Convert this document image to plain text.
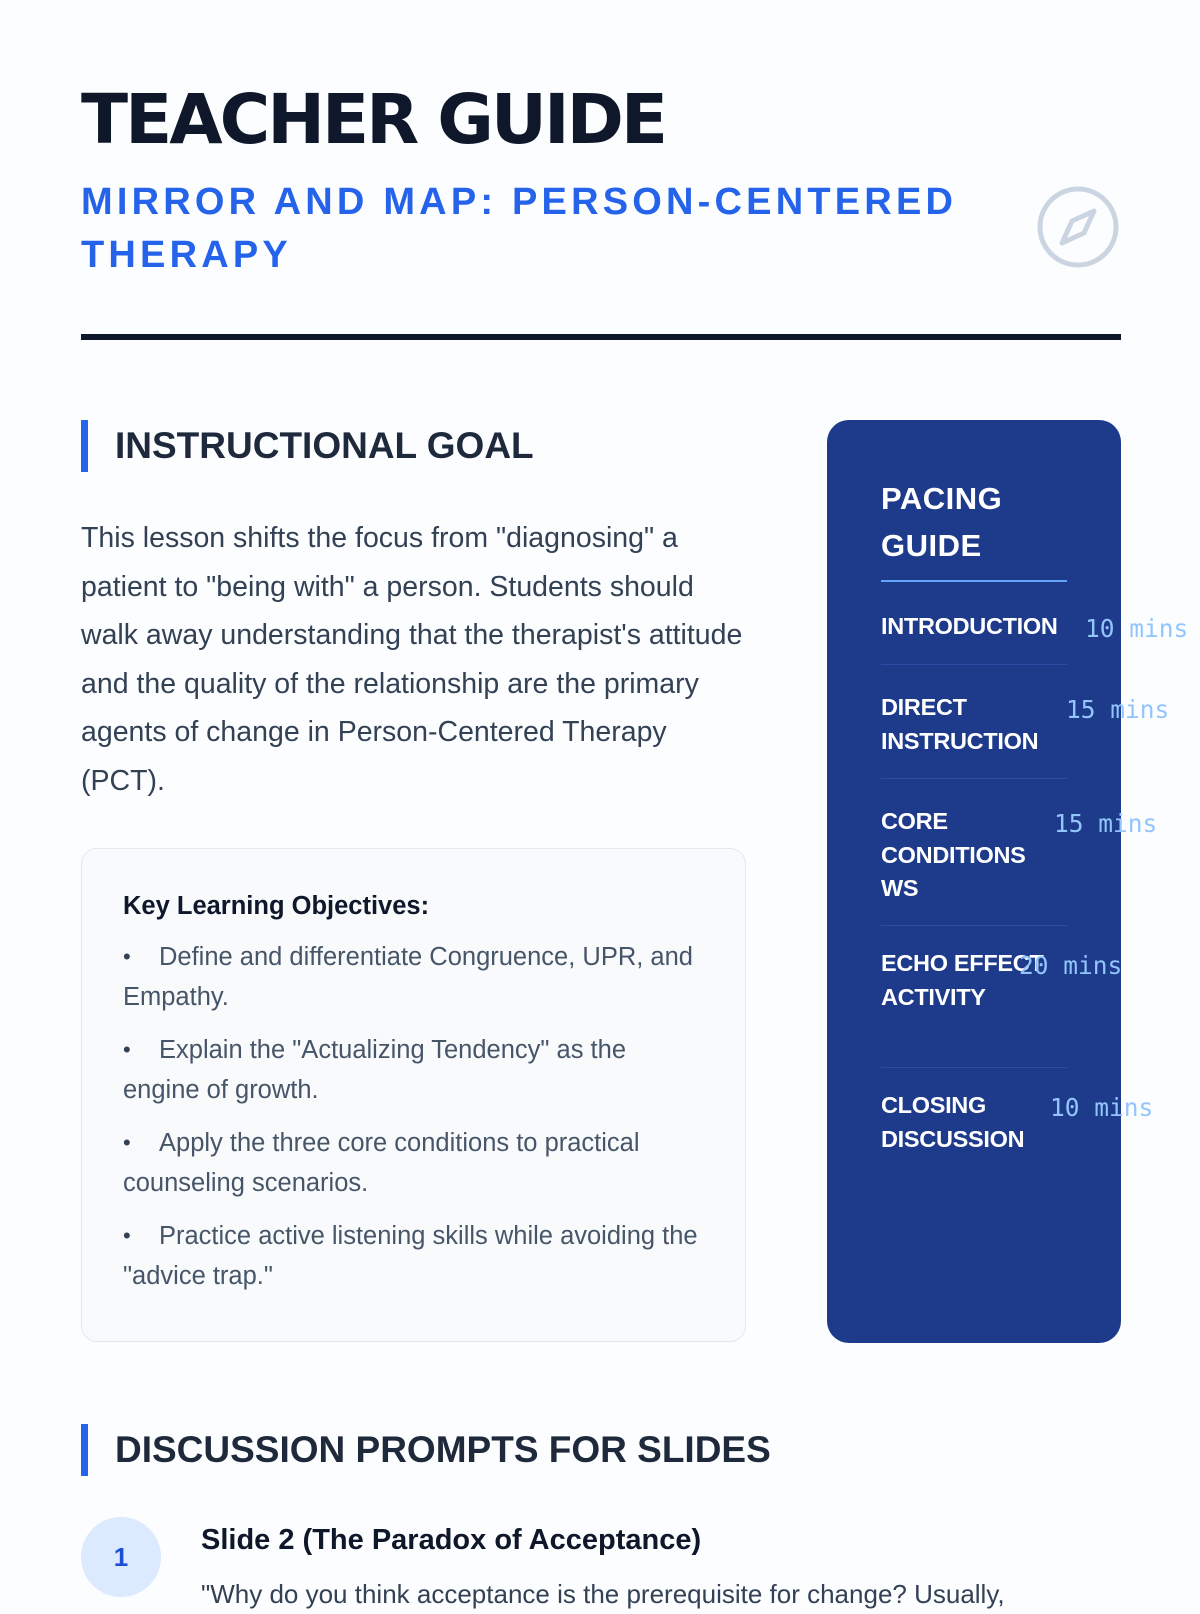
TEACHER GUIDE
MIRROR AND MAP: PERSON-CENTERED THERAPY
INSTRUCTIONAL GOAL

This lesson shifts the focus from "diagnosing" a patient to "being with" a person. Students should walk away understanding that the therapist's attitude and the quality of the relationship are the primary agents of change in Person-Centered Therapy (PCT).

Key Learning Objectives:

• Define and differentiate Congruence, UPR, and Empathy.
• Explain the "Actualizing Tendency" as the engine of growth.
• Apply the three core conditions to practical counseling scenarios.
• Practice active listening skills while avoiding the "advice trap."
PACING GUIDE
INTRODUCTION	10 mins
DIRECT INSTRUCTION
15 mins
CORE CONDITIONS WS
15 mins
ECHO EFFECT ACTIVITY
20 mins
CLOSING DISCUSSION
10 mins
DISCUSSION PROMPTS FOR SLIDES
1

Slide 2 (The Paradox of Acceptance)

"Why do you think acceptance is the prerequisite for change? Usually,
